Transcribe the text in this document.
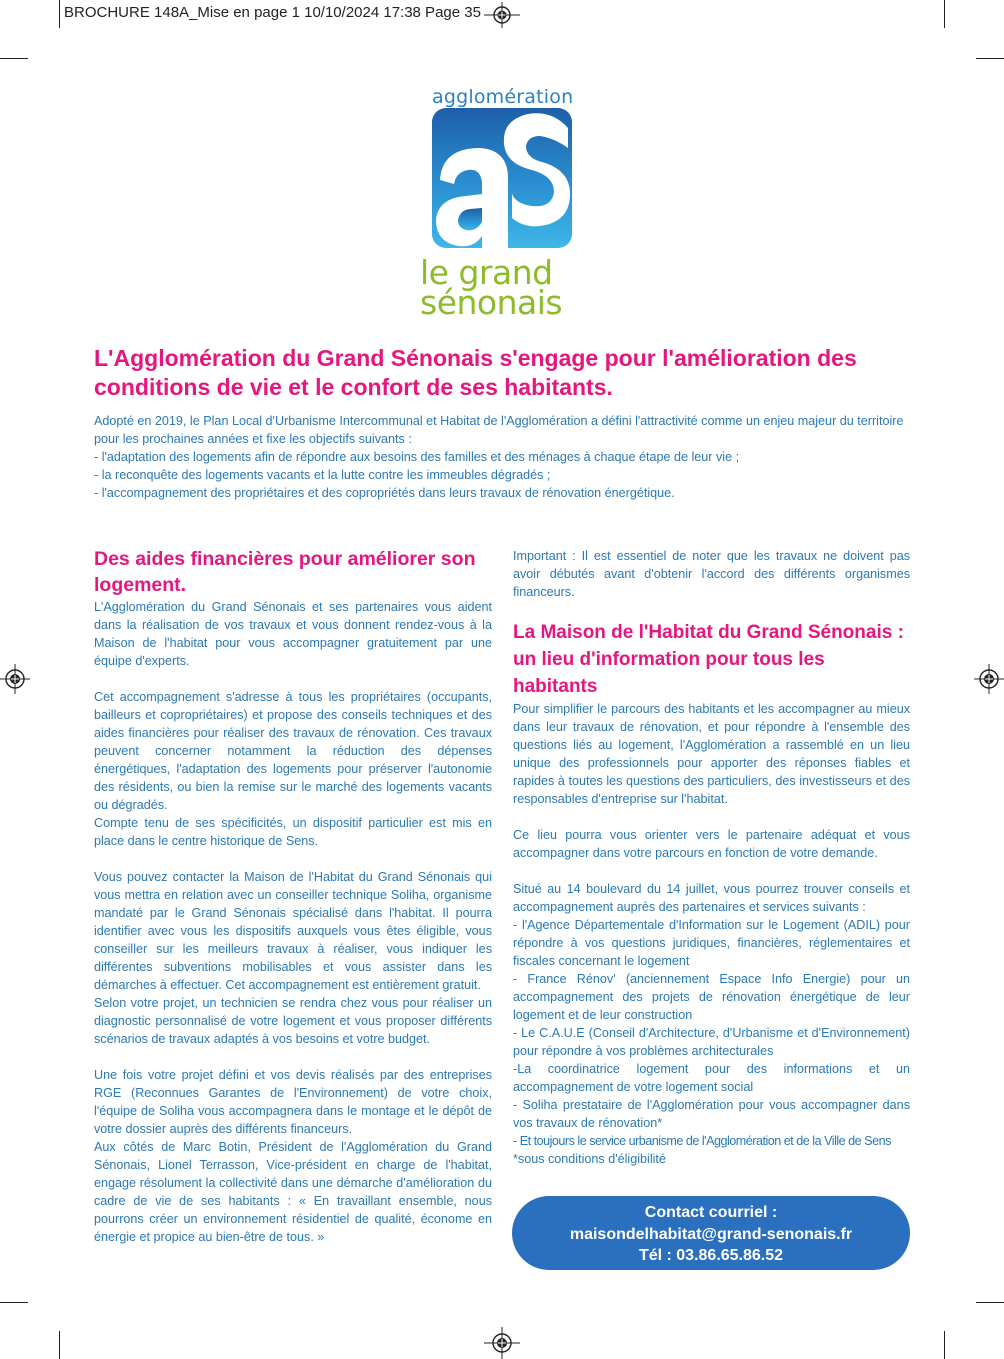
BROCHURE 148A_Mise en page 1 10/10/2024 17:38 Page 35
agglomération
le grand
sénonais
L'Agglomération du Grand Sénonais s'engage pour l'amélioration des conditions de vie et le confort de ses habitants.

Adopté en 2019, le Plan Local d'Urbanisme Intercommunal et Habitat de l'Agglomération a défini l'attractivité comme un enjeu majeur du territoire pour les prochaines années et fixe les objectifs suivants :

- l'adaptation des logements afin de répondre aux besoins des familles et des ménages à chaque étape de leur vie ;

- la reconquête des logements vacants et la lutte contre les immeubles dégradés ;

- l'accompagnement des propriétaires et des copropriétés dans leurs travaux de rénovation énergétique.

Des aides financières pour améliorer son logement.

L'Agglomération du Grand Sénonais et ses partenaires vous aident dans la réalisation de vos travaux et vous donnent rendez-vous à la Maison de l'habitat pour vous accompagner gratuitement par une équipe d'experts.

Cet accompagnement s'adresse à tous les propriétaires (occupants, bailleurs et copropriétaires) et propose des conseils techniques et des aides financières pour réaliser des travaux de rénovation. Ces travaux peuvent concerner notamment la réduction des dépenses énergétiques, l'adaptation des logements pour préserver l'autonomie des résidents, ou bien la remise sur le marché des logements vacants ou dégradés.

Compte tenu de ses spécificités, un dispositif particulier est mis en place dans le centre historique de Sens.

Vous pouvez contacter la Maison de l'Habitat du Grand Sénonais qui vous mettra en relation avec un conseiller technique Soliha, organisme mandaté par le Grand Sénonais spécialisé dans l'habitat. Il pourra identifier avec vous les dispositifs auxquels vous êtes éligible, vous conseiller sur les meilleurs travaux à réaliser, vous indiquer les différentes subventions mobilisables et vous assister dans les démarches à effectuer. Cet accompagnement est entièrement gratuit.

Selon votre projet, un technicien se rendra chez vous pour réaliser un diagnostic personnalisé de votre logement et vous proposer différents scénarios de travaux adaptés à vos besoins et votre budget.

Une fois votre projet défini et vos devis réalisés par des entreprises RGE (Reconnues Garantes de l'Environnement) de votre choix, l'équipe de Soliha vous accompagnera dans le montage et le dépôt de votre dossier auprès des différents financeurs.

Aux côtés de Marc Botin, Président de l'Agglomération du Grand Sénonais, Lionel Terrasson, Vice-président en charge de l'habitat, engage résolument la collectivité dans une démarche d'amélioration du cadre de vie de ses habitants : « En travaillant ensemble, nous pourrons créer un environnement résidentiel de qualité, économe en énergie et propice au bien-être de tous. »

Important : Il est essentiel de noter que les travaux ne doivent pas avoir débutés avant d'obtenir l'accord des différents organismes financeurs.

La Maison de l'Habitat du Grand Sénonais : un lieu d'information pour tous les habitants

Pour simplifier le parcours des habitants et les accompagner au mieux dans leur travaux de rénovation, et pour répondre à l'ensemble des questions liés au logement, l'Agglomération a rassemblé en un lieu unique des professionnels pour apporter des réponses fiables et rapides à toutes les questions des particuliers, des investisseurs et des responsables d'entreprise sur l'habitat.

Ce lieu pourra vous orienter vers le partenaire adéquat et vous accompagner dans votre parcours en fonction de votre demande.

Situé au 14 boulevard du 14 juillet, vous pourrez trouver conseils et accompagnement auprès des partenaires et services suivants :

- l'Agence Départementale d'Information sur le Logement (ADIL) pour répondre à vos questions juridiques, financières, réglementaires et fiscales concernant le logement

- France Rénov' (anciennement Espace Info Energie) pour un accompagnement des projets de rénovation énergétique de leur logement et de leur construction

- Le C.A.U.E (Conseil d'Architecture, d'Urbanisme et d'Environnement) pour répondre à vos problèmes architecturales

-La coordinatrice logement pour des informations et un accompagnement de votre logement social

- Soliha prestataire de l'Agglomération pour vous accompagner dans vos travaux de rénovation*

- Et toujours le service urbanisme de l'Agglomération et de la Ville de Sens

*sous conditions d'éligibilité

Contact courriel :
maisondelhabitat@grand-senonais.fr
Tél : 03.86.65.86.52
